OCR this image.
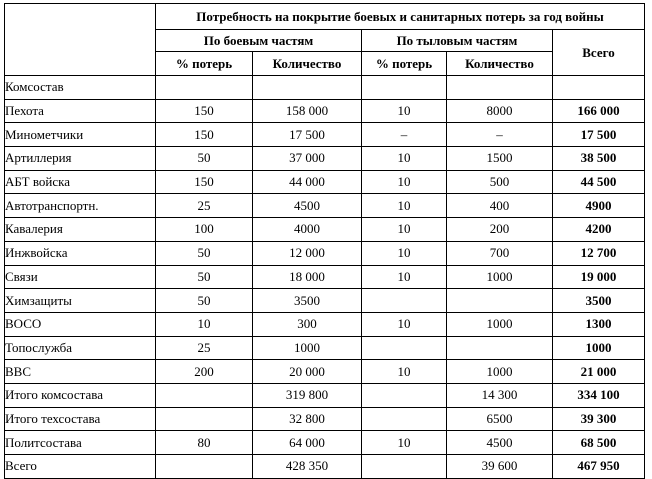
	Потребность на покрытие боевых и санитарных потерь за год войны				
	По боевым частям		По тыловым частям		Всего
	% потерь	Количество	% потерь	Количество	
Комсостав					
Пехота	150	158 000	10	8000	166 000
Минометчики	150	17 500	–	–	17 500
Артиллерия	50	37 000	10	1500	38 500
АБТ войска	150	44 000	10	500	44 500
Автотранспортн.	25	4500	10	400	4900
Кавалерия	100	4000	10	200	4200
Инжвойска	50	12 000	10	700	12 700
Связи	50	18 000	10	1000	19 000
Химзащиты	50	3500			3500
ВОСО	10	300	10	1000	1300
Топослужба	25	1000			1000
ВВС	200	20 000	10	1000	21 000
Итого комсостава		319 800		14 300	334 100
Итого техсостава		32 800		6500	39 300
Политсостава	80	64 000	10	4500	68 500
Всего		428 350		39 600	467 950
